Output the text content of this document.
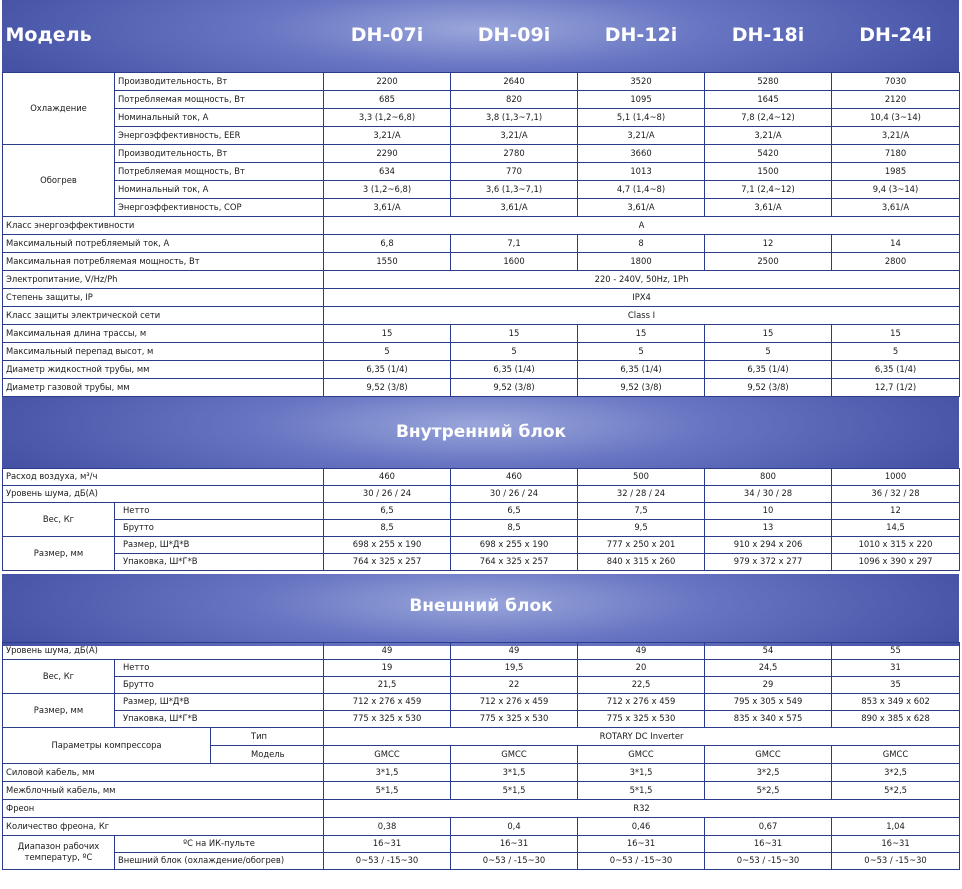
Модель			DH-07i	DH-09i	DH-12i	DH-18i	DH-24i
Охлаждение	Производительность, Вт		2200	2640	3520	5280	7030
	Потребляемая мощность, Вт		685	820	1095	1645	2120
	Номинальный ток, А		3,3 (1,2~6,8)	3,8 (1,3~7,1)	5,1 (1,4~8)	7,8 (2,4~12)	10,4 (3~14)
	Энергоэффективность, EER		3,21/A	3,21/A	3,21/A	3,21/A	3,21/A
Обогрев	Производительность, Вт		2290	2780	3660	5420	7180
	Потребляемая мощность, Вт		634	770	1013	1500	1985
	Номинальный ток, А		3 (1,2~6,8)	3,6 (1,3~7,1)	4,7 (1,4~8)	7,1 (2,4~12)	9,4 (3~14)
	Энергоэффективность, COP		3,61/A	3,61/A	3,61/A	3,61/A	3,61/A
Класс энергоэффективности			A				
Максимальный потребляемый ток, А			6,8	7,1	8	12	14
Максимальная потребляемая мощность, Вт			1550	1600	1800	2500	2800
Электропитание, V/Hz/Ph			220 - 240V, 50Hz, 1Ph				
Степень защиты, IP			IPX4				
Класс защиты электрической сети			Class I				
Максимальная длина трассы, м			15	15	15	15	15
Максимальный перепад высот, м			5	5	5	5	5
Диаметр жидкостной трубы, мм			6,35 (1/4)	6,35 (1/4)	6,35 (1/4)	6,35 (1/4)	6,35 (1/4)
Диаметр газовой трубы, мм			9,52 (3/8)	9,52 (3/8)	9,52 (3/8)	9,52 (3/8)	12,7 (1/2)
Внутренний блок							
Расход воздуха, м³/ч			460	460	500	800	1000
Уровень шума, дБ(А)			30 / 26 / 24	30 / 26 / 24	32 / 28 / 24	34 / 30 / 28	36 / 32 / 28
Вес, Кг	Нетто		6,5	6,5	7,5	10	12
	Брутто		8,5	8,5	9,5	13	14,5
Размер, мм	Размер, Ш*Д*В		698 x 255 x 190	698 x 255 x 190	777 x 250 x 201	910 x 294 x 206	1010 x 315 x 220
	Упаковка, Ш*Г*В		764 x 325 x 257	764 x 325 x 257	840 x 315 x 260	979 x 372 x 277	1096 x 390 x 297
Внешний блок							
Уровень шума, дБ(А)			49	49	49	54	55
Вес, Кг	Нетто		19	19,5	20	24,5	31
	Брутто		21,5	22	22,5	29	35
Размер, мм	Размер, Ш*Д*В		712 x 276 x 459	712 x 276 x 459	712 x 276 x 459	795 x 305 x 549	853 x 349 x 602
	Упаковка, Ш*Г*В		775 x 325 x 530	775 x 325 x 530	775 x 325 x 530	835 x 340 x 575	890 x 385 x 628
Параметры компрессора		Тип	ROTARY DC Inverter				
		Модель	GMCC	GMCC	GMCC	GMCC	GMCC
Силовой кабель, мм			3*1,5	3*1,5	3*1,5	3*2,5	3*2,5
Межблочный кабель, мм			5*1,5	5*1,5	5*1,5	5*2,5	5*2,5
Фреон			R32				
Количество фреона, Кг			0,38	0,4	0,46	0,67	1,04
Диапазон рабочих температур, ºС	ºС на ИК-пульте		16~31	16~31	16~31	16~31	16~31
	Внешний блок (охлаждение/обогрев)		0~53 / -15~30	0~53 / -15~30	0~53 / -15~30	0~53 / -15~30	0~53 / -15~30
